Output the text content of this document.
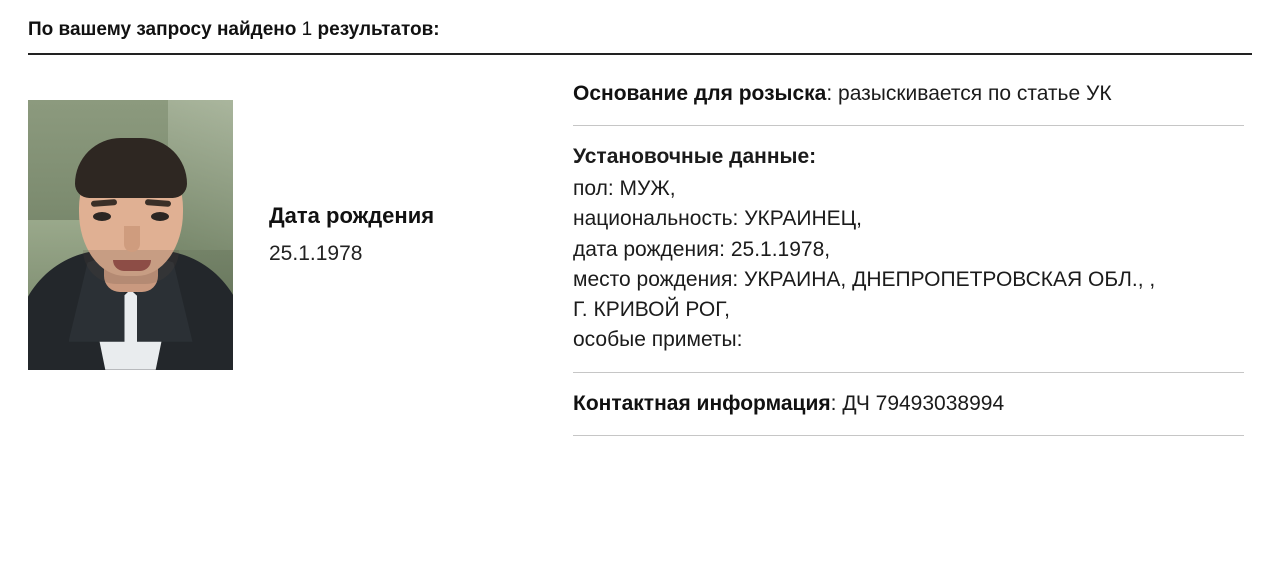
По вашему запросу найдено 1 результатов:
Дата рождения
25.1.1978
Основание для розыска: разыскивается по статье УК
Установочные данные:
пол: МУЖ,
национальность: УКРАИНЕЦ,
дата рождения: 25.1.1978,
место рождения: УКРАИНА, ДНЕПРОПЕТРОВСКАЯ ОБЛ., ,
Г. КРИВОЙ РОГ,
особые приметы:
Контактная информация: ДЧ 79493038994
